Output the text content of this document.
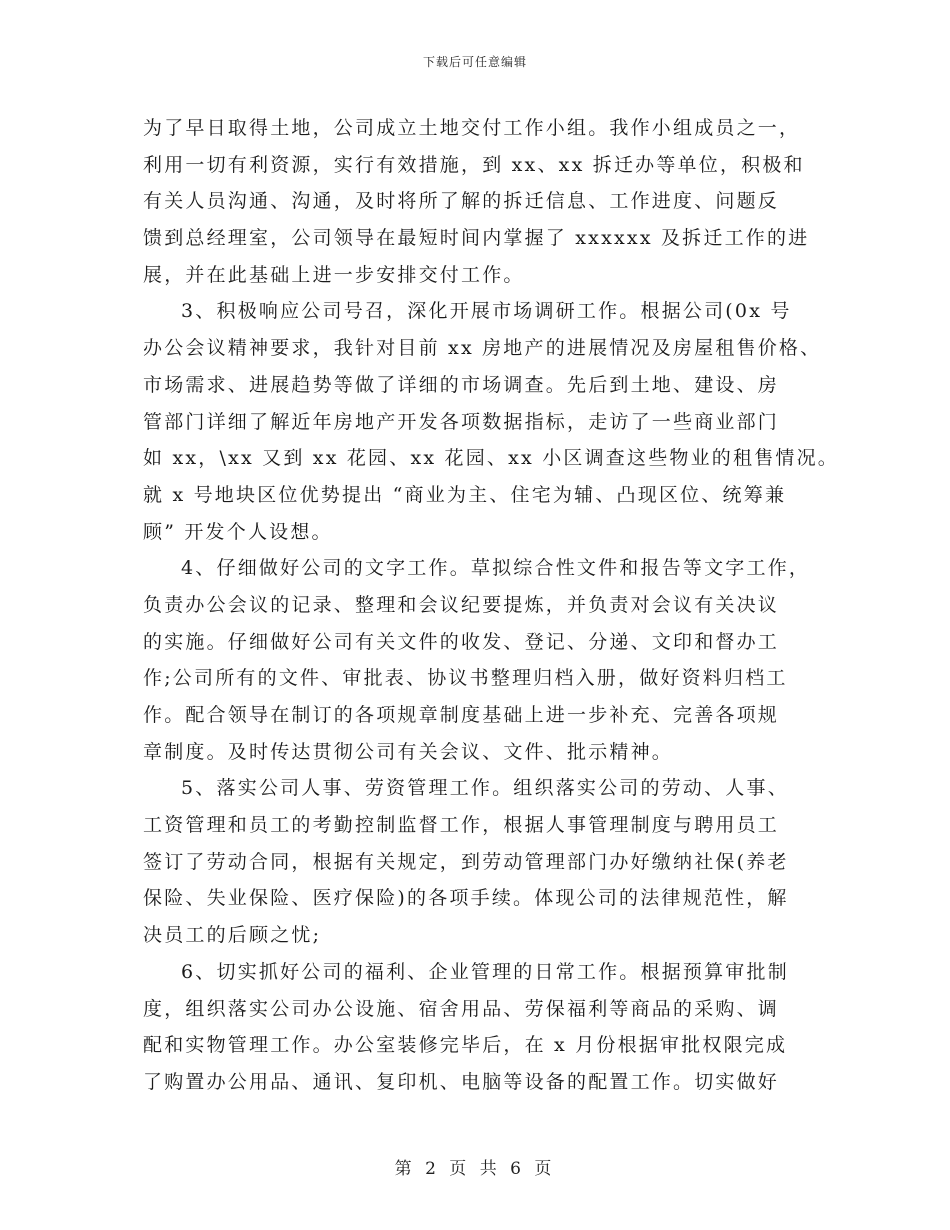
下载后可任意编辑
为了早日取得土地，公司成立土地交付工作小组。我作小组成员之一，
利用一切有利资源，实行有效措施，到 xx、xx 拆迁办等单位，积极和
有关人员沟通、沟通，及时将所了解的拆迁信息、工作进度、问题反
馈到总经理室，公司领导在最短时间内掌握了 xxxxxx 及拆迁工作的进
展，并在此基础上进一步安排交付工作。
3、积极响应公司号召，深化开展市场调研工作。根据公司(0x 号
办公会议精神要求，我针对目前 xx 房地产的进展情况及房屋租售价格、
市场需求、进展趋势等做了详细的市场调查。先后到土地、建设、房
管部门详细了解近年房地产开发各项数据指标，走访了一些商业部门
如 xx，\xx 又到 xx 花园、xx 花园、xx 小区调查这些物业的租售情况。
就 x 号地块区位优势提出 “商业为主、住宅为辅、凸现区位、统筹兼
顾” 开发个人设想。
4、仔细做好公司的文字工作。草拟综合性文件和报告等文字工作，
负责办公会议的记录、整理和会议纪要提炼，并负责对会议有关决议
的实施。仔细做好公司有关文件的收发、登记、分递、文印和督办工
作;公司所有的文件、审批表、协议书整理归档入册，做好资料归档工
作。配合领导在制订的各项规章制度基础上进一步补充、完善各项规
章制度。及时传达贯彻公司有关会议、文件、批示精神。
5、落实公司人事、劳资管理工作。组织落实公司的劳动、人事、
工资管理和员工的考勤控制监督工作，根据人事管理制度与聘用员工
签订了劳动合同，根据有关规定，到劳动管理部门办好缴纳社保(养老
保险、失业保险、医疗保险)的各项手续。体现公司的法律规范性，解
决员工的后顾之忧;
6、切实抓好公司的福利、企业管理的日常工作。根据预算审批制
度，组织落实公司办公设施、宿舍用品、劳保福利等商品的采购、调
配和实物管理工作。办公室装修完毕后，在 x 月份根据审批权限完成
了购置办公用品、通讯、复印机、电脑等设备的配置工作。切实做好
第 2 页 共 6 页
